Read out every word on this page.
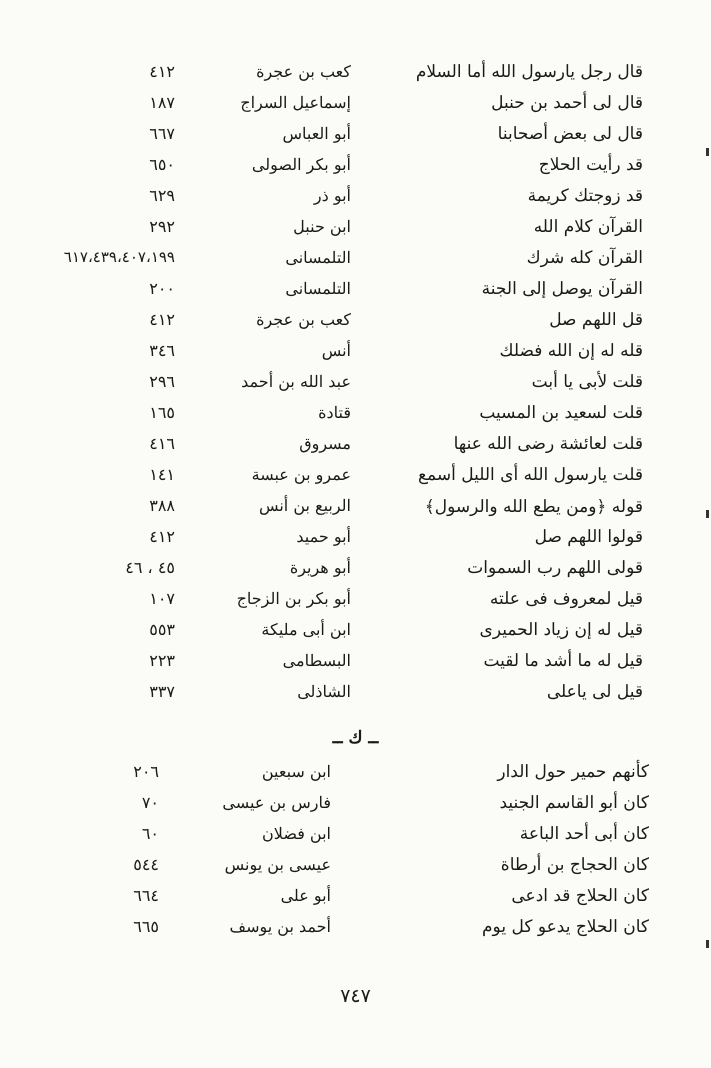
قال رجل يارسول الله أما السلام
كعب بن عجرة
٤١٢
قال لى أحمد بن حنبل
إسماعيل السراج
١٨٧
قال لى بعض أصحابنا
أبو العباس
٦٦٧
قد رأيت الحلاج
أبو بكر الصولى
٦٥٠
قد زوجتك كريمة
أبو ذر
٦٢٩
القرآن كلام الله
ابن حنبل
٢٩٢
القرآن كله شرك
التلمسانى
٦١٧،٤٣٩،٤٠٧،١٩٩
القرآن يوصل إلى الجنة
التلمسانى
٢٠٠
قل اللهم صل
كعب بن عجرة
٤١٢
قله له إن الله فضلك
أنس
٣٤٦
قلت لأبى يا أبت
عبد الله بن أحمد
٢٩٦
قلت لسعيد بن المسيب
قتادة
١٦٥
قلت لعائشة رضى الله عنها
مسروق
٤١٦
قلت يارسول الله أى الليل أسمع
عمرو بن عبسة
١٤١
قوله ﴿ومن يطع الله والرسول﴾
الربيع بن أنس
٣٨٨
قولوا اللهم صل
أبو حميد
٤١٢
قولى اللهم رب السموات
أبو هريرة
٤٥ ، ٤٦
قيل لمعروف فى علته
أبو بكر بن الزجاج
١٠٧
قيل له إن زياد الحميرى
ابن أبى مليكة
٥٥٣
قيل له ما أشد ما لقيت
البسطامى
٢٢٣
قيل لى ياعلى
الشاذلى
٣٣٧
ــ ك ــ
كأنهم حمير حول الدار
ابن سبعين
٢٠٦
كان أبو القاسم الجنيد
فارس بن عيسى
٧٠
كان أبى أحد الباعة
ابن فضلان
٦٠
كان الحجاج بن أرطاة
عيسى بن يونس
٥٤٤
كان الحلاج قد ادعى
أبو على
٦٦٤
كان الحلاج يدعو كل يوم
أحمد بن يوسف
٦٦٥
٧٤٧
